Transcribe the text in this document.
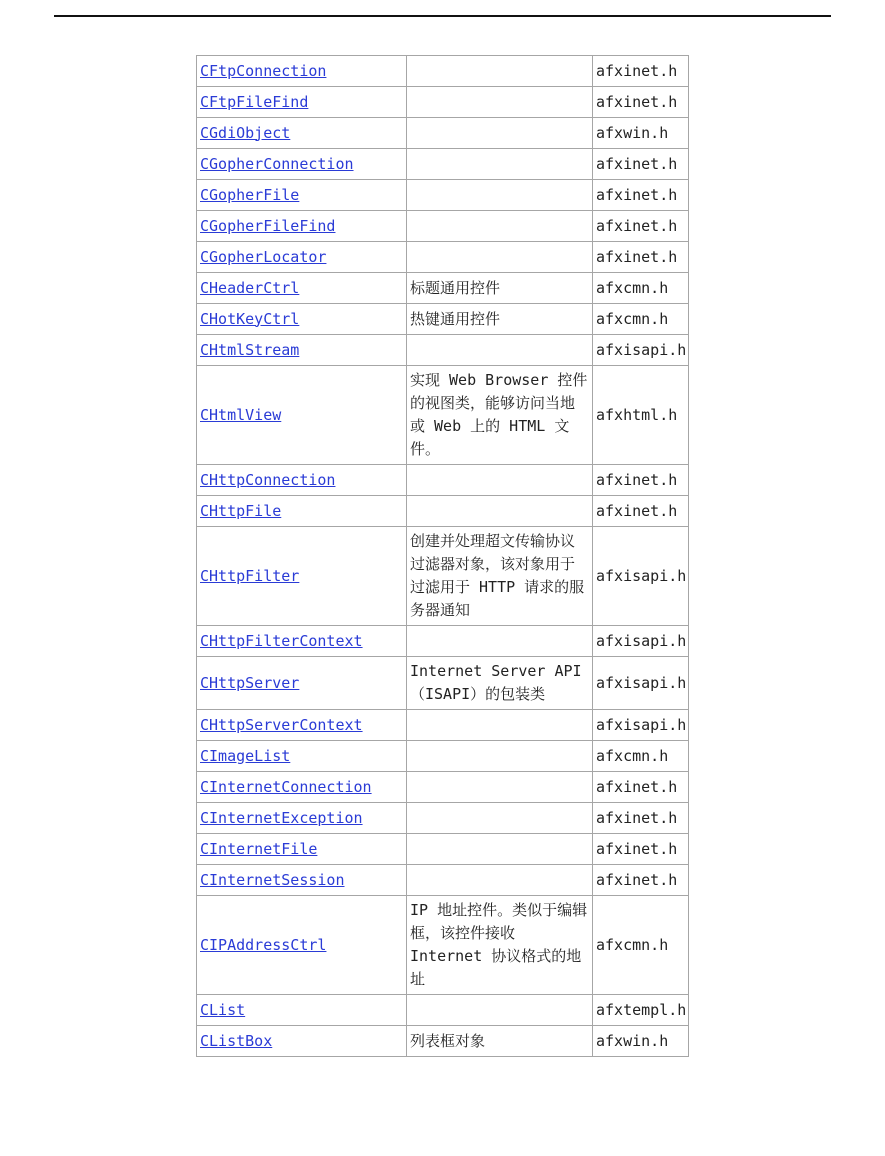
CFtpConnection		afxinet.h
CFtpFileFind		afxinet.h
CGdiObject		afxwin.h
CGopherConnection		afxinet.h
CGopherFile		afxinet.h
CGopherFileFind		afxinet.h
CGopherLocator		afxinet.h
CHeaderCtrl	标题通用控件	afxcmn.h
CHotKeyCtrl	热键通用控件	afxcmn.h
CHtmlStream		afxisapi.h
CHtmlView	实现 Web Browser 控件的视图类，能够访问当地或 Web 上的 HTML 文件。	afxhtml.h
CHttpConnection		afxinet.h
CHttpFile		afxinet.h
CHttpFilter	创建并处理超文传输协议过滤器对象，该对象用于过滤用于 HTTP 请求的服务器通知	afxisapi.h
CHttpFilterContext		afxisapi.h
CHttpServer	Internet Server API（ISAPI）的包装类	afxisapi.h
CHttpServerContext		afxisapi.h
CImageList		afxcmn.h
CInternetConnection		afxinet.h
CInternetException		afxinet.h
CInternetFile		afxinet.h
CInternetSession		afxinet.h
CIPAddressCtrl	IP 地址控件。类似于编辑框，该控件接收 Internet 协议格式的地址	afxcmn.h
CList		afxtempl.h
CListBox	列表框对象	afxwin.h
